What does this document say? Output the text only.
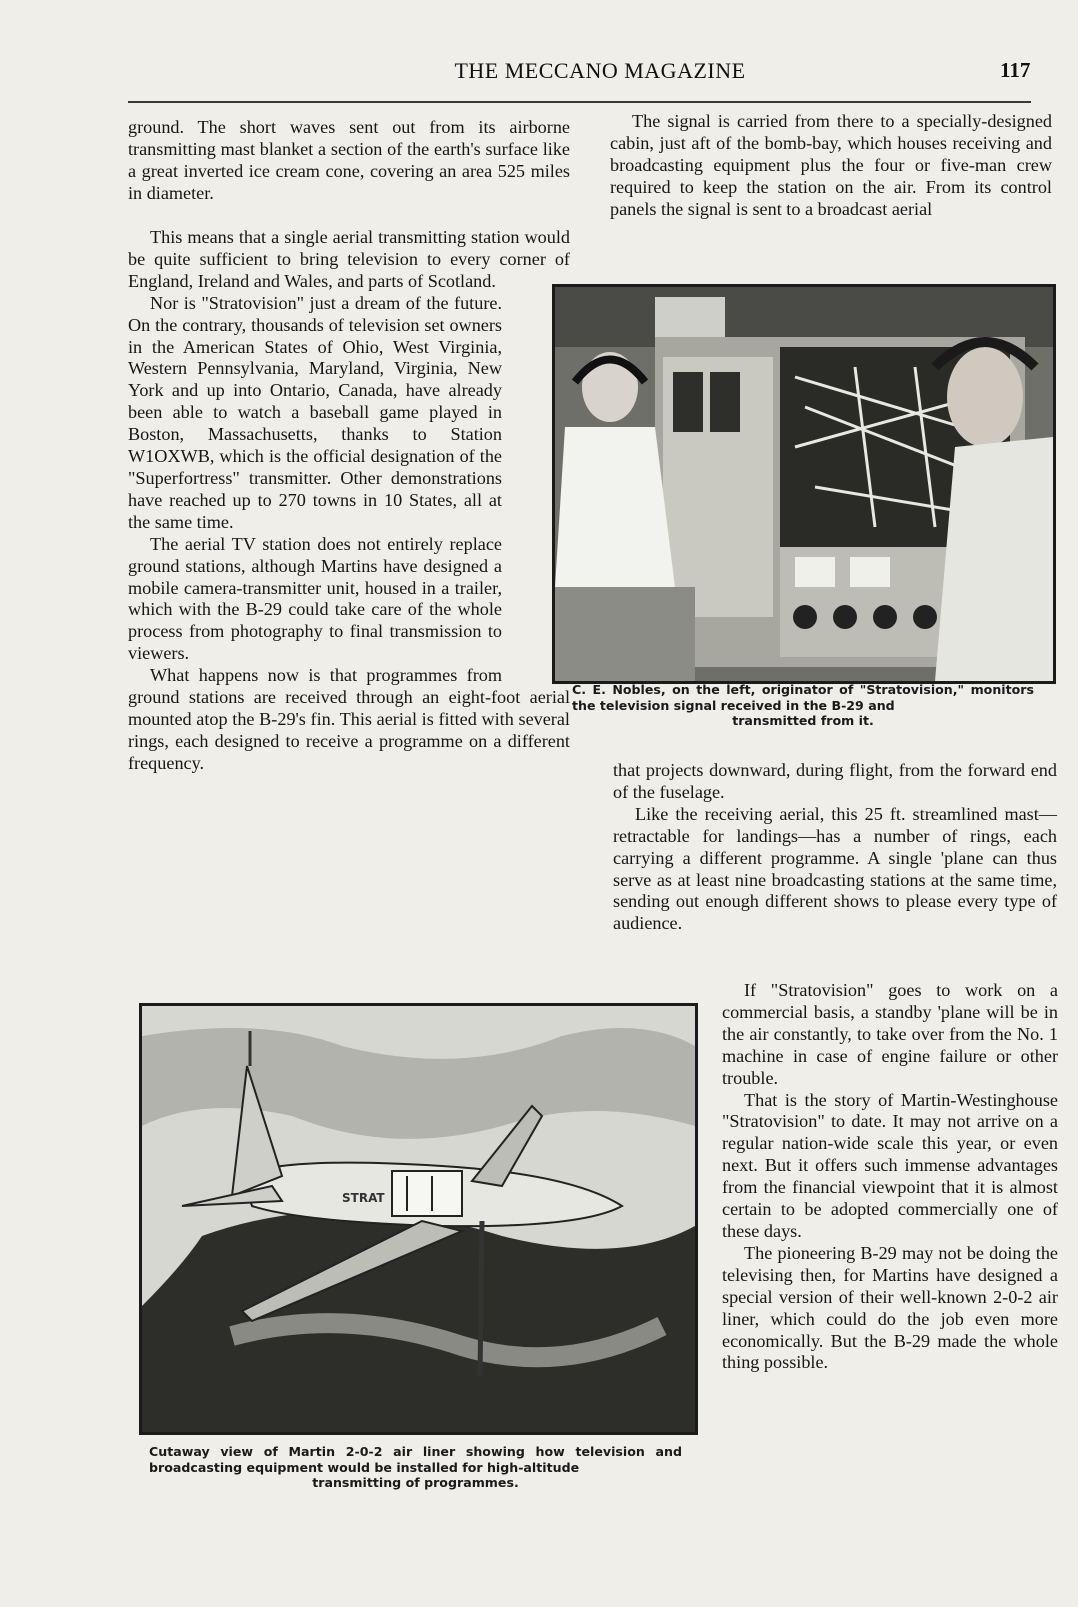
THE MECCANO MAGAZINE	117

ground. The short waves sent out from its airborne transmitting mast blanket a section of the earth's surface like a great inverted ice cream cone, covering an area 525 miles in diameter.

This means that a single aerial transmitting station would be quite sufficient to bring television to every corner of England, Ireland and Wales, and parts of Scotland.

Nor is "Stratovision" just a dream of the future. On the contrary, thousands of television set owners in the American States of Ohio, West Virginia, Western Pennsylvania, Maryland, Virginia, New York and up into Ontario, Canada, have already been able to watch a baseball game played in Boston, Massachusetts, thanks to Station W1OXWB, which is the official designation of the "Superfortress" transmitter. Other demonstrations have reached up to 270 towns in 10 States, all at the same time.

The aerial TV station does not entirely replace ground stations, although Martins have designed a mobile camera-transmitter unit, housed in a trailer, which with the B-29 could take care of the whole process from photography to final transmission to viewers.

What happens now is that programmes from ground stations are received through an eight-foot aerial mounted atop the B-29's fin. This aerial is fitted with several rings, each designed to receive a programme on a different frequency.

The signal is carried from there to a specially-designed cabin, just aft of the bomb-bay, which houses receiving and broadcasting equipment plus the four or five-man crew required to keep the station on the air. From its control panels the signal is sent to a broadcast aerial

C. E. Nobles, on the left, originator of "Stratovision," monitors the television signal received in the B-29 and
transmitted from it.

that projects downward, during flight, from the forward end of the fuselage.

Like the receiving aerial, this 25 ft. streamlined mast—retractable for landings—has a number of rings, each carrying a different programme. A single 'plane can thus serve as at least nine broadcasting stations at the same time, sending out enough different shows to please every type of audience.

STRAT
Cutaway view of Martin 2-0-2 air liner showing how television and broadcasting equipment would be installed for high-altitude
transmitting of programmes.

If "Stratovision" goes to work on a commercial basis, a standby 'plane will be in the air constantly, to take over from the No. 1 machine in case of engine failure or other trouble.

That is the story of Martin-Westinghouse "Stratovision" to date. It may not arrive on a regular nation-wide scale this year, or even next. But it offers such immense advantages from the financial viewpoint that it is almost certain to be adopted commercially one of these days.

The pioneering B-29 may not be doing the televising then, for Martins have designed a special version of their well-known 2-0-2 air liner, which could do the job even more economically. But the B-29 made the whole thing possible.
